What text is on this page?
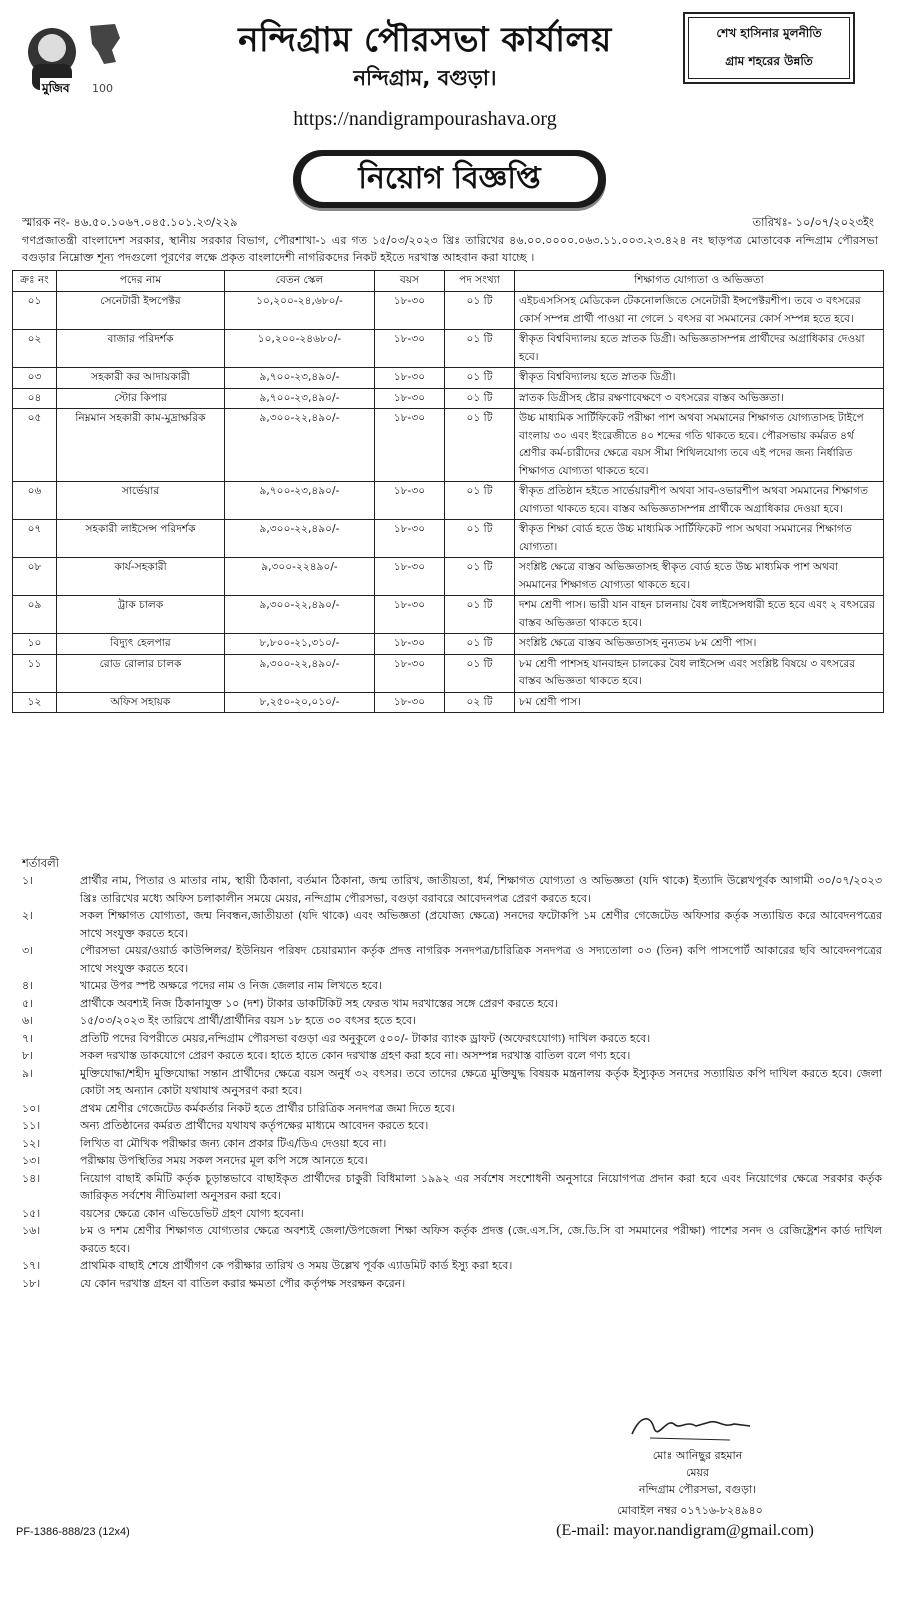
মুজিব 100
নন্দিগ্রাম পৌরসভা কার্যালয়
নন্দিগ্রাম, বগুড়া।
https://nandigrampourashava.org
শেখ হাসিনার মুলনীতি
গ্রাম শহরের উন্নতি
নিয়োগ বিজ্ঞপ্তি
স্মারক নং- ৪৬.৫০.১০৬৭.০৪৫.১০১.২৩/২২৯	তারিখঃ- ১০/০৭/২০২৩ইং
গণপ্রজাতন্ত্রী বাংলাদেশ সরকার, স্থানীয় সরকার বিভাগ, পৌরশাখা-১ এর গত ১৫/০৩/২০২৩ খ্রিঃ তারিখের ৪৬.০০.০০০০.০৬৩.১১.০০৩.২৩.৪২৪ নং ছাড়পত্র মোতাবেক নন্দিগ্রাম পৌরসভা বগুড়ার নিম্নোক্ত শূন্য পদগুলো পূরণের লক্ষে প্রকৃত বাংলাদেশী নাগরিকদের নিকট হইতে দরখাস্ত আহবান করা যাচ্ছে ।
ক্রঃ নং	পদের নাম	বেতন স্কেল	বয়স	পদ সংখ্যা	শিক্ষাগত যোগ্যতা ও অভিজ্ঞতা
০১	সেনেটারী ইন্সপেক্টর	১০,২০০-২৪,৬৮০/-	১৮-৩০	০১ টি	এইচএসসিসহ মেডিকেল টেকনোলজিতে সেনেটারী ইন্সপেক্টরশীপ। তবে ৩ বৎসরের কোর্স সম্পন্ন প্রার্থী পাওয়া না গেলে ১ বৎসর বা সমমানের কোর্স সম্পন্ন হতে হবে।
০২	বাজার পরিদর্শক	১০,২০০-২৪৬৮০/-	১৮-৩০	০১ টি	স্বীকৃত বিশ্ববিদ্যালয় হতে স্নাতক ডিগ্রী। অভিজ্ঞতাসম্পন্ন প্রার্থীদের অগ্রাধিকার দেওয়া হবে।
০৩	সহকারী কর আদায়কারী	৯,৭০০-২৩,৪৯০/-	১৮-৩০	০১ টি	স্বীকৃত বিশ্ববিদ্যালয় হতে স্নাতক ডিগ্রী।
০৪	স্টোর কিপার	৯,৭০০-২৩,৪৯০/-	১৮-৩০	০১ টি	স্নাতক ডিগ্রীসহ ষ্টোর রক্ষণাবেক্ষণে ৩ বৎসরের বাস্তব অভিজ্ঞতা।
০৫	নিম্নমান সহকারী কাম-মুদ্রাক্ষরিক	৯,৩০০-২২,৪৯০/-	১৮-৩০	০১ টি	উচ্চ মাধ্যমিক সার্টিফিকেট পরীক্ষা পাশ অথবা সমমানের শিক্ষাগত যোগ্যতাসহ টাইপে বাংলায় ৩০ এবং ইংরেজীতে ৪০ শব্দের গতি থাকতে হবে। পৌরসভায় কর্মরত ৪র্থ শ্রেণীর কর্ম-চারীদের ক্ষেত্রে বয়স সীমা শিথিলযোগ্য তবে এই পদের জন্য নির্ধারিত শিক্ষাগত যোগ্যতা থাকতে হবে।
০৬	সার্ভেয়ার	৯,৭০০-২৩,৪৯০/-	১৮-৩০	০১ টি	স্বীকৃত প্রতিষ্ঠান হইতে সার্ভেয়ারশীপ অথবা সাব-ওভারশীপ অথবা সমমানের শিক্ষাগত যোগ্যতা থাকতে হবে। বাস্তব অভিজ্ঞতাসম্পন্ন প্রার্থীকে অগ্রাধিকার দেওয়া হবে।
০৭	সহকারী লাইসেন্স পরিদর্শক	৯,৩০০-২২,৪৯০/-	১৮-৩০	০১ টি	স্বীকৃত শিক্ষা বোর্ড হতে উচ্চ মাধ্যমিক সার্টিফিকেট পাস অথবা সমমানের শিক্ষাগত যোগ্যতা।
০৮	কার্য-সহকারী	৯,৩০০-২২৪৯০/-	১৮-৩০	০১ টি	সংশ্লিষ্ট ক্ষেত্রে বাস্তব অভিজ্ঞতাসহ স্বীকৃত বোর্ড হতে উচ্চ মাধ্যমিক পাশ অথবা সমমানের শিক্ষাগত যোগ্যতা থাকতে হবে।
০৯	ট্রাক চালক	৯,৩০০-২২,৪৯০/-	১৮-৩০	০১ টি	দশম শ্রেণী পাস। ভারী যান বাহন চালনায় বৈধ লাইসেন্সধারী হতে হবে এবং ২ বৎসরের বাস্তব অভিজ্ঞতা থাকতে হবে।
১০	বিদ্যুৎ হেলপার	৮,৮০০-২১,৩১০/-	১৮-৩০	০১ টি	সংশ্লিষ্ট ক্ষেত্রে বাস্তব অভিজ্ঞতাসহ নুন্যতম ৮ম শ্রেণী পাস।
১১	রোড রোলার চালক	৯,৩০০-২২,৪৯০/-	১৮-৩০	০১ টি	৮ম শ্রেণী পাশসহ যানবাহন চালকের বৈধ লাইসেন্স এবং সংশ্লিষ্ট বিষয়ে ৩ বৎসরের বাস্তব অভিজ্ঞতা থাকতে হবে।
১২	অফিস সহায়ক	৮,২৫০-২০,০১০/-	১৮-৩০	০২ টি	৮ম শ্রেণী পাস।
শর্তাবলী
১।	প্রার্থীর নাম, পিতার ও মাতার নাম, স্থায়ী ঠিকানা, বর্তমান ঠিকানা, জন্ম তারিখ, জাতীয়তা, ধর্ম, শিক্ষাগত যোগ্যতা ও অভিজ্ঞতা (যদি থাকে) ইত্যাদি উল্লেখপূর্বক আগামী ৩০/০৭/২০২৩ খ্রিঃ তারিখের মধ্যে অফিস চলাকালীন সময়ে মেয়র, নন্দিগ্রাম পৌরসভা, বগুড়া বরাবরে আবেদনপত্র প্রেরণ করতে হবে।
২।	সকল শিক্ষাগত যোগ্যতা, জন্ম নিবন্ধন,জাতীয়তা (যদি থাকে) এবং অভিজ্ঞতা (প্রযোজ্য ক্ষেত্রে) সনদের ফটোকপি ১ম শ্রেণীর গেজেটেড অফিসার কর্তৃক সত্যায়িত করে আবেদনপত্রের সাথে সংযুক্ত করতে হবে।
৩।	পৌরসভা মেয়র/ওয়ার্ড কাউন্সিলর/ ইউনিয়ন পরিষদ চেয়ারম্যান কর্তৃক প্রদত্ত নাগরিক সনদপত্র/চারিত্রিক সনদপত্র ও সদ্যতোলা ০৩ (তিন) কপি পাসপোর্ট আকারের ছবি আবেদনপত্রের সাথে সংযুক্ত করতে হবে।
৪।	খামের উপর স্পষ্ট অক্ষরে পদের নাম ও নিজ জেলার নাম লিখতে হবে।
৫।	প্রার্থীকে অবশ্যই নিজ ঠিকানাযুক্ত ১০ (দশ) টাকার ডাকটিকিট সহ ফেরত খাম দরখাস্তের সঙ্গে প্রেরণ করতে হবে।
৬।	১৫/০৩/২০২৩ ইং তারিখে প্রার্থী/প্রার্থীনির বয়স ১৮ হতে ৩০ বৎসর হতে হবে।
৭।	প্রতিটি পদের বিপরীতে মেয়র,নন্দিগ্রাম পৌরসভা বগুড়া এর অনুকূলে ৫০০/- টাকার ব্যাংক ড্রাফট (অফেরৎযোগ্য) দাখিল করতে হবে।
৮।	সকল দরখাস্ত ডাকযোগে প্রেরণ করতে হবে। হাতে হাতে কোন দরখাস্ত গ্রহণ করা হবে না। অসম্পন্ন দরখাস্ত বাতিল বলে গণ্য হবে।
৯।	মুক্তিযোদ্ধা/শহীদ মুক্তিযোদ্ধা সন্তান প্রার্থীদের ক্ষেত্রে বয়স অনুর্ধ ৩২ বৎসর। তবে তাদের ক্ষেত্রে মুক্তিযুদ্ধ বিষয়ক মন্ত্রনালয় কর্তৃক ইস্যুকৃত সনদের সত্যায়িত কপি দাখিল করতে হবে। জেলা কোটা সহ অন্যান কোটা যথাযাথ অনুসরণ করা হবে।
১০।	প্রথম শ্রেণীর গেজেটেড কর্মকর্তার নিকট হতে প্রার্থীর চারিত্রিক সনদপত্র জমা দিতে হবে।
১১।	অন্য প্রতিষ্ঠানের কর্মরত প্রার্থীদের যথাযথ কর্তৃপক্ষের মাধ্যমে আবেদন করতে হবে।
১২।	লিখিত বা মৌখিক পরীক্ষার জন্য কোন প্রকার টিএ/ডিএ দেওয়া হবে না।
১৩।	পরীক্ষায় উপস্থিতির সময় সকল সনদের মূল কপি সঙ্গে আনতে হবে।
১৪।	নিয়োগ বাছাই কমিটি কর্তৃক চূড়ান্তভাবে বাছাইকৃত প্রার্থীদের চাকুরী বিধিমালা ১৯৯২ এর সর্বশেষ সংশোধনী অনুসারে নিয়োগপত্র প্রদান করা হবে এবং নিয়োগের ক্ষেত্রে সরকার কর্তৃক জারিকৃত সর্বশেষ নীতিমালা অনুসরন করা হবে।
১৫।	বয়সের ক্ষেত্রে কোন এভিডেভিট গ্রহণ যোগ্য হবেনা।
১৬।	৮ম ও দশম শ্রেণীর শিক্ষাগত যোগ্যতার ক্ষেত্রে অবশ্যই জেলা/উপজেলা শিক্ষা অফিস কর্তৃক প্রদত্ত (জে.এস.সি, জে.ডি.সি বা সমমানের পরীক্ষা) পাশের সনদ ও রেজিষ্ট্রেশন কার্ড দাখিল করতে হবে।
১৭।	প্রাথমিক বাছাই শেষে প্রার্থীগণ কে পরীক্ষার তারিখ ও সময় উল্লেখ পূর্বক এ্যাডমিট কার্ড ইস্যু করা হবে।
১৮।	যে কোন দরখাস্ত গ্রহন বা বাতিল করার ক্ষমতা পৌর কর্তৃপক্ষ সংরক্ষন করেন।
মোঃ আনিছুর রহমান
মেয়র
নন্দিগ্রাম পৌরসভা, বগুড়া।
মোবাইল নম্বর ০১৭১৬-৮২৪৯৪০
(E-mail: mayor.nandigram@gmail.com)
PF-1386-888/23 (12x4)
